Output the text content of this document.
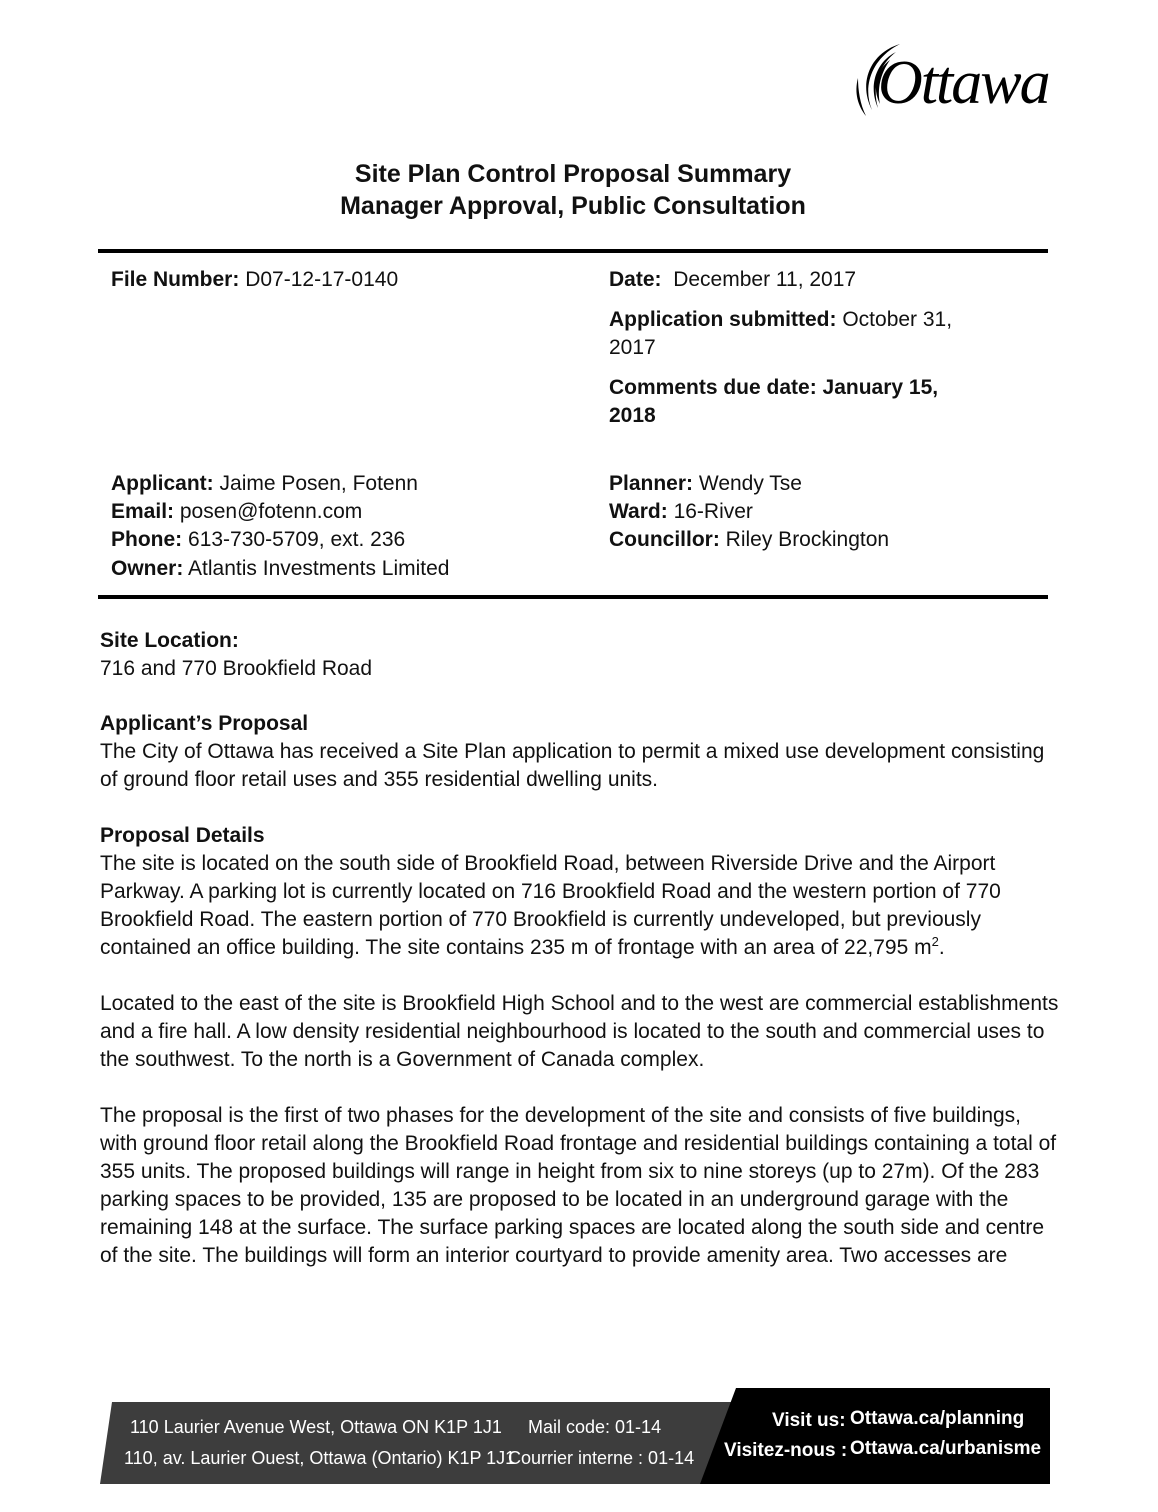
Ottawa
Site Plan Control Proposal Summary
Manager Approval, Public Consultation
File Number: D07-12-17-0140	Date: December 11, 2017
Application submitted: October 31,
2017
Comments due date: January 15,
2018
Applicant: Jaime Posen, Fotenn
Email: posen@fotenn.com
Phone: 613-730-5709, ext. 236
Owner: Atlantis Investments Limited
Planner: Wendy Tse
Ward: 16-River
Councillor: Riley Brockington
Site Location:

716 and 770 Brookfield Road

Applicant’s Proposal

The City of Ottawa has received a Site Plan application to permit a mixed use development consisting of ground floor retail uses and 355 residential dwelling units.

Proposal Details

The site is located on the south side of Brookfield Road, between Riverside Drive and the Airport Parkway. A parking lot is currently located on 716 Brookfield Road and the western portion of 770 Brookfield Road. The eastern portion of 770 Brookfield is currently undeveloped, but previously contained an office building. The site contains 235 m of frontage with an area of 22,795 $m^2$.

Located to the east of the site is Brookfield High School and to the west are commercial establishments and a fire hall. A low density residential neighbourhood is located to the south and commercial uses to the southwest. To the north is a Government of Canada complex.

The proposal is the first of two phases for the development of the site and consists of five buildings, with ground floor retail along the Brookfield Road frontage and residential buildings containing a total of 355 units. The proposed buildings will range in height from six to nine storeys (up to 27m). Of the 283 parking spaces to be provided, 135 are proposed to be located in an underground garage with the remaining 148 at the surface. The surface parking spaces are located along the south side and centre of the site. The buildings will form an interior courtyard to provide amenity area. Two accesses are

110 Laurier Avenue West, Ottawa ON K1P 1J1 Mail code: 01-14
110, av. Laurier Ouest, Ottawa (Ontario) K1P 1J1
Courrier interne : 01-14
Visit us: Ottawa.ca/planning
Visitez-nous : Ottawa.ca/urbanisme
